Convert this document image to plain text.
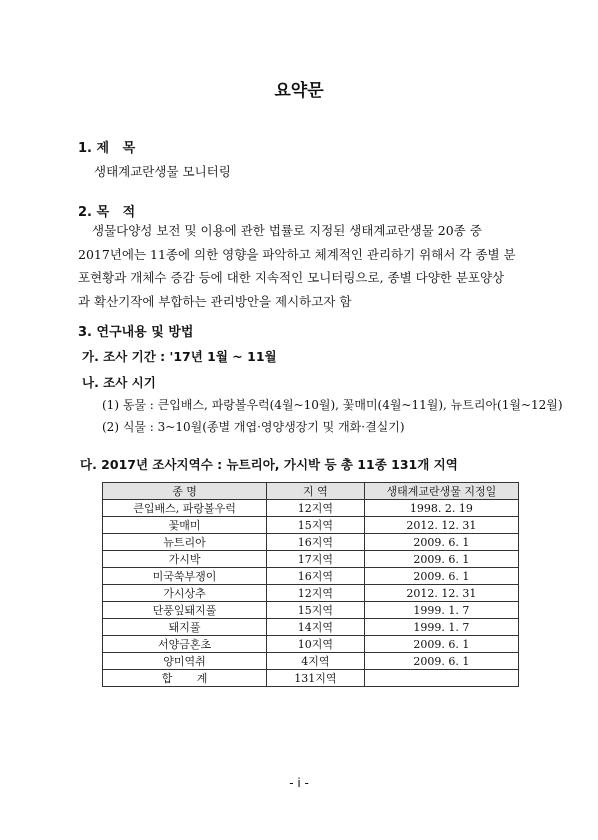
요약문
1. 제   목
생태계교란생물 모니터링
2. 목   적
생물다양성 보전 및 이용에 관한 법률로 지정된 생태계교란생물 20종 중
2017년에는 11종에 의한 영향을 파악하고 체계적인 관리하기 위해서 각 종별 분
포현황과 개체수 증감 등에 대한 지속적인 모니터링으로, 종별 다양한 분포양상
과 확산기작에 부합하는 관리방안을 제시하고자 함
3. 연구내용 및 방법
가. 조사 기간 : '17년 1월 ~ 11월
나. 조사 시기
(1) 동물 : 큰입배스, 파랑볼우럭(4월~10월), 꽃매미(4월~11월), 뉴트리아(1월~12월)
(2) 식물 : 3~10월(종별 개엽·영양생장기 및 개화·결실기)
다. 2017년 조사지역수 : 뉴트리아, 가시박 등 총 11종 131개 지역
종 명	지 역	생태계교란생물 지정일
큰입배스, 파랑볼우럭	12지역	1998. 2. 19
꽃매미	15지역	2012. 12. 31
뉴트리아	16지역	2009. 6. 1
가시박	17지역	2009. 6. 1
미국쑥부쟁이	16지역	2009. 6. 1
가시상추	12지역	2012. 12. 31
단풍잎돼지풀	15지역	1999. 1. 7
돼지풀	14지역	1999. 1. 7
서양금혼초	10지역	2009. 6. 1
양미역취	4지역	2009. 6. 1
합       계	131지역	
- i -
